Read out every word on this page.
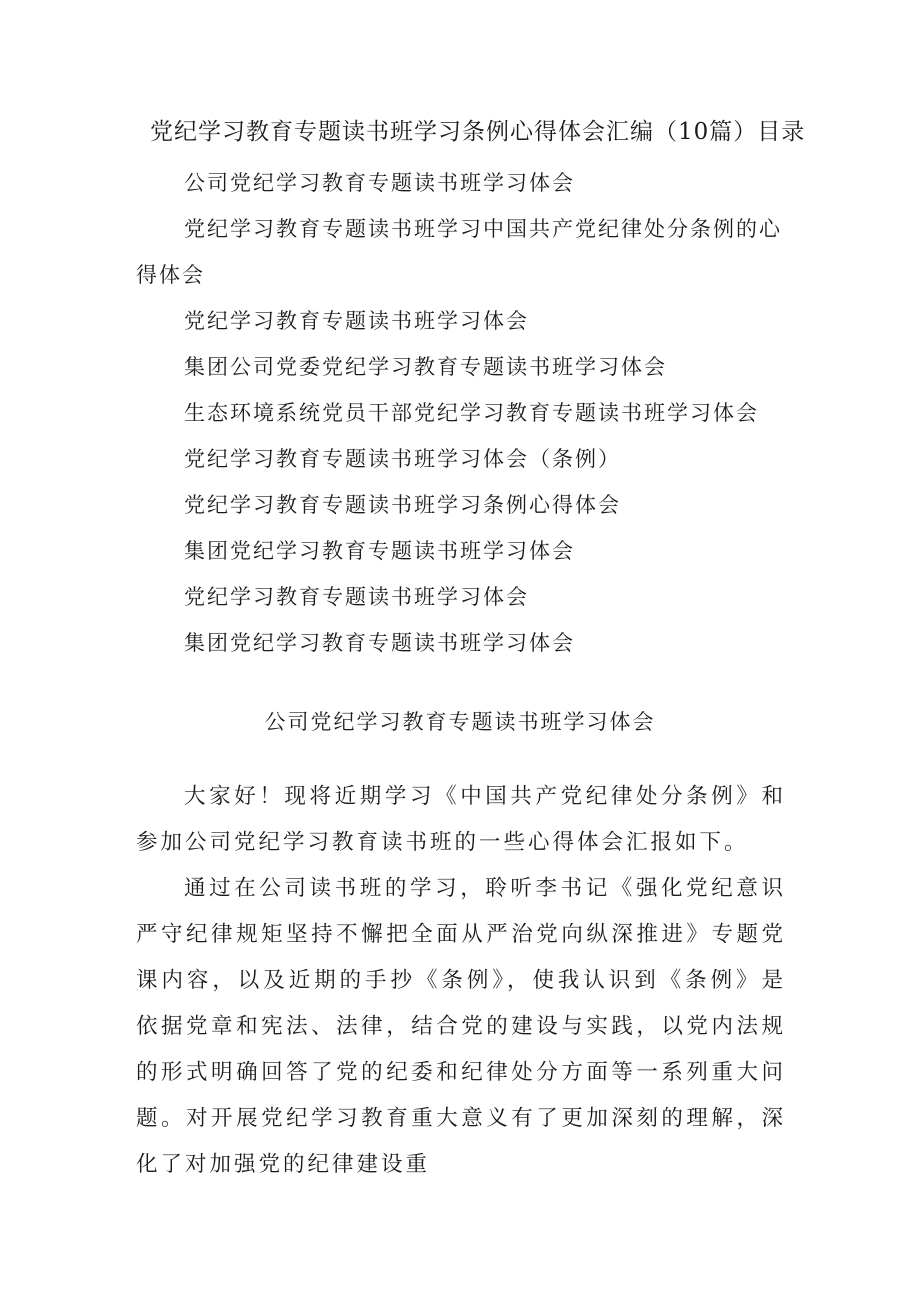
党纪学习教育专题读书班学习条例心得体会汇编（10篇）目录
公司党纪学习教育专题读书班学习体会
党纪学习教育专题读书班学习中国共产党纪律处分条例的心得体会
党纪学习教育专题读书班学习体会
集团公司党委党纪学习教育专题读书班学习体会
生态环境系统党员干部党纪学习教育专题读书班学习体会
党纪学习教育专题读书班学习体会（条例）
党纪学习教育专题读书班学习条例心得体会
集团党纪学习教育专题读书班学习体会
党纪学习教育专题读书班学习体会
集团党纪学习教育专题读书班学习体会
公司党纪学习教育专题读书班学习体会

大家好！现将近期学习《中国共产党纪律处分条例》和参加公司党纪学习教育读书班的一些心得体会汇报如下。

通过在公司读书班的学习，聆听李书记《强化党纪意识严守纪律规矩坚持不懈把全面从严治党向纵深推进》专题党课内容，以及近期的手抄《条例》，使我认识到《条例》是依据党章和宪法、法律，结合党的建设与实践，以党内法规的形式明确回答了党的纪委和纪律处分方面等一系列重大问题。对开展党纪学习教育重大意义有了更加深刻的理解，深化了对加强党的纪律建设重
